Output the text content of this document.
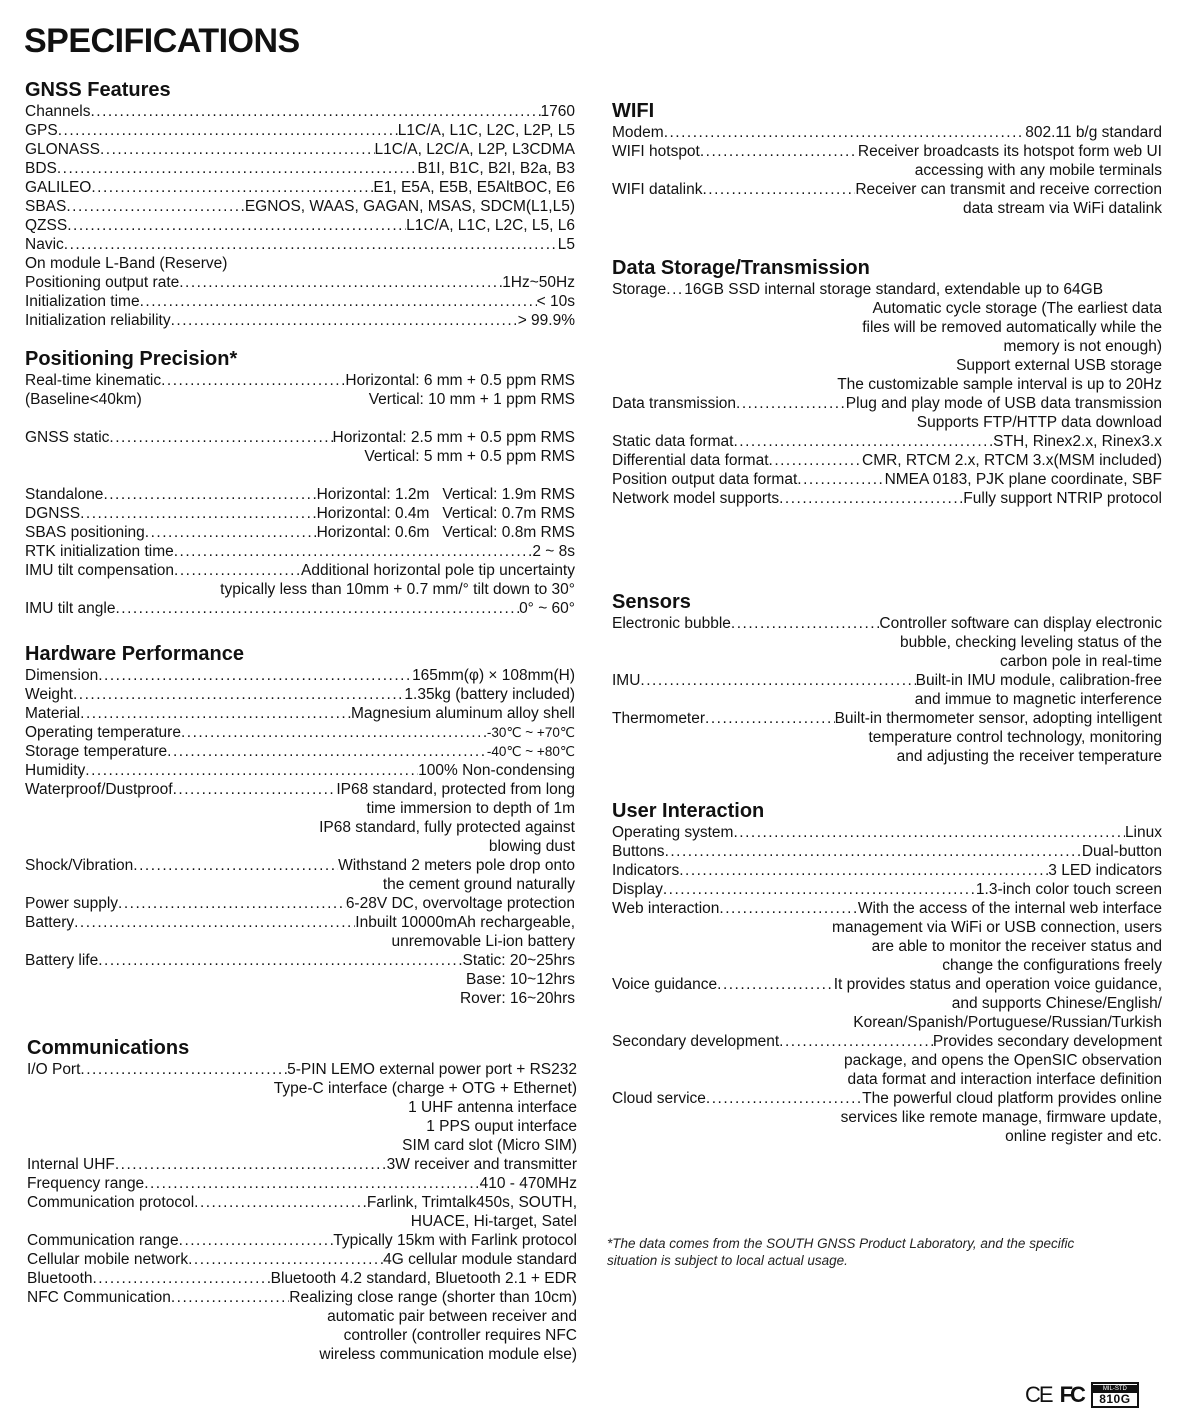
SPECIFICATIONS
GNSS Features
Channels .....	1760
GPS .....	L1C/A, L1C, L2C, L2P, L5
GLONASS .....	L1C/A, L2C/A, L2P, L3CDMA
BDS .....	B1I, B1C, B2I, B2a, B3
GALILEO .....	E1, E5A, E5B, E5AltBOC, E6
SBAS .....	EGNOS, WAAS, GAGAN, MSAS, SDCM(L1,L5)
QZSS .....	L1C/A, L1C, L2C, L5, L6
Navic .....	L5
On module L-Band (Reserve)
Positioning output rate .....	1Hz~50Hz
Initialization time .....	< 10s
Initialization reliability .....	> 99.9%
Positioning Precision*
Real-time kinematic .....	Horizontal: 6 mm + 0.5 ppm RMS
(Baseline<40km)	Vertical: 10 mm + 1 ppm RMS
GNSS static .....	Horizontal: 2.5 mm + 0.5 ppm RMS
Vertical: 5 mm + 0.5 ppm RMS
Standalone .....	Horizontal: 1.2m   Vertical: 1.9m RMS
DGNSS .....	Horizontal: 0.4m   Vertical: 0.7m RMS
SBAS positioning .....	Horizontal: 0.6m   Vertical: 0.8m RMS
RTK initialization time .....	2 ~ 8s
IMU tilt compensation .....	Additional horizontal pole tip uncertainty
typically less than 10mm + 0.7 mm/° tilt down to 30°
IMU tilt angle .....	0° ~ 60°
Hardware Performance
Dimension .....	165mm(φ) × 108mm(H)
Weight .....	1.35kg (battery included)
Material .....	Magnesium aluminum alloy shell
Operating temperature .....	-30℃ ~ +70℃
Storage temperature .....	-40℃ ~ +80℃
Humidity .....	100% Non-condensing
Waterproof/Dustproof .....	IP68 standard, protected from long
time immersion to depth of 1m
IP68 standard, fully protected against
blowing dust
Shock/Vibration .....	Withstand 2 meters pole drop onto
the cement ground naturally
Power supply .....	6-28V DC, overvoltage protection
Battery .....	Inbuilt 10000mAh rechargeable,
unremovable Li-ion battery
Battery life .....	Static: 20~25hrs
Base: 10~12hrs
Rover: 16~20hrs
Communications
I/O Port .....	5-PIN LEMO external power port + RS232
Type-C interface (charge + OTG + Ethernet)
1 UHF antenna interface
1 PPS ouput interface
SIM card slot (Micro SIM)
Internal UHF .....	3W receiver and transmitter
Frequency range .....	410 - 470MHz
Communication protocol .....	Farlink, Trimtalk450s, SOUTH,
HUACE, Hi-target, Satel
Communication range .....	Typically 15km with Farlink protocol
Cellular mobile network .....	4G cellular module standard
Bluetooth .....	Bluetooth 4.2 standard, Bluetooth 2.1 + EDR
NFC Communication .....	Realizing close range (shorter than 10cm)
automatic pair between receiver and
controller (controller requires NFC
wireless communication module else)
WIFI
Modem .....	802.11 b/g standard
WIFI hotspot .....	Receiver broadcasts its hotspot form web UI
accessing with any mobile terminals
WIFI datalink .....	Receiver can transmit and receive correction
data stream via WiFi datalink
Data Storage/Transmission
Storage ..... 16GB SSD internal storage standard, extendable up to 64GB
Automatic cycle storage (The earliest data
files will be removed automatically while the
memory is not enough)
Support external USB storage
The customizable sample interval is up to 20Hz
Data transmission .....	Plug and play mode of USB data transmission
Supports FTP/HTTP data download
Static data format .....	STH, Rinex2.x, Rinex3.x
Differential data format .....	CMR, RTCM 2.x, RTCM 3.x(MSM included)
Position output data format .....	NMEA 0183, PJK plane coordinate, SBF
Network model supports .....	Fully support NTRIP protocol
Sensors
Electronic bubble .....	Controller software can display electronic
bubble, checking leveling status of the
carbon pole in real-time
IMU .....	Built-in IMU module, calibration-free
and immue to magnetic interference
Thermometer .....	Built-in thermometer sensor, adopting intelligent
temperature control technology, monitoring
and adjusting the receiver temperature
User Interaction
Operating system .....	Linux
Buttons .....	Dual-button
Indicators .....	3 LED indicators
Display .....	1.3-inch color touch screen
Web interaction .....	With the access of the internal web interface
management via WiFi or USB connection, users
are able to monitor the receiver status and
change the configurations freely
Voice guidance .....	It provides status and operation voice guidance,
and supports Chinese/English/
Korean/Spanish/Portuguese/Russian/Turkish
Secondary development .....	Provides secondary development
package, and opens the OpenSIC observation
data format and interaction interface definition
Cloud service .....	The powerful cloud platform provides online
services like remote manage, firmware update,
online register and etc.
*The data comes from the SOUTH GNSS Product Laboratory, and the specific
situation is subject to local actual usage.
CE FC	MIL-STD
810G
